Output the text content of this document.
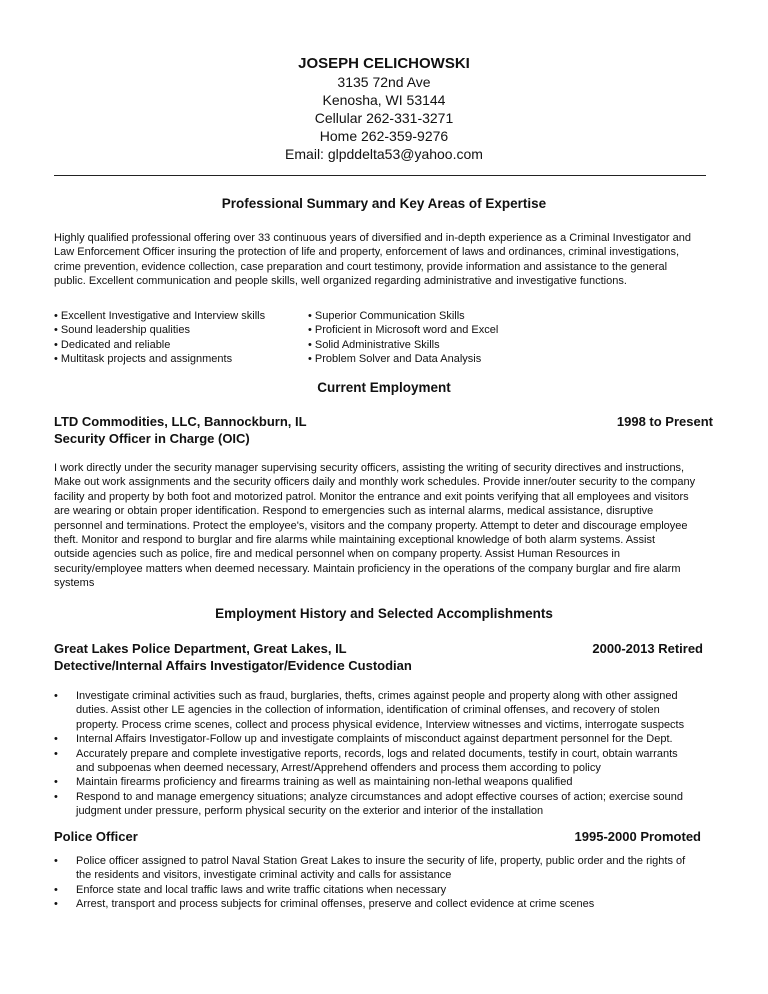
JOSEPH CELICHOWSKI
3135 72nd Ave
Kenosha, WI 53144
Cellular 262-331-3271
Home 262-359-9276
Email: glpddelta53@yahoo.com
Professional Summary and Key Areas of Expertise
Highly qualified professional offering over 33 continuous years of diversified and in-depth experience as a Criminal Investigator and
Law Enforcement Officer insuring the protection of life and property, enforcement of laws and ordinances, criminal investigations,
crime prevention, evidence collection, case preparation and court testimony, provide information and assistance to the general
public. Excellent communication and people skills, well organized regarding administrative and investigative functions.
• Excellent Investigative and Interview skills
• Sound leadership qualities
• Dedicated and reliable
• Multitask projects and assignments
• Superior Communication Skills
• Proficient in Microsoft word and Excel
• Solid Administrative Skills
• Problem Solver and Data Analysis
Current Employment
LTD Commodities, LLC, Bannockburn, IL	1998 to Present
Security Officer in Charge (OIC)
I work directly under the security manager supervising security officers, assisting the writing of security directives and instructions,
Make out work assignments and the security officers daily and monthly work schedules. Provide inner/outer security to the company
facility and property by both foot and motorized patrol. Monitor the entrance and exit points verifying that all employees and visitors
are wearing or obtain proper identification. Respond to emergencies such as internal alarms, medical assistance, disruptive
personnel and terminations. Protect the employee's, visitors and the company property. Attempt to deter and discourage employee
theft. Monitor and respond to burglar and fire alarms while maintaining exceptional knowledge of both alarm systems. Assist
outside agencies such as police, fire and medical personnel when on company property. Assist Human Resources in
security/employee matters when deemed necessary. Maintain proficiency in the operations of the company burglar and fire alarm
systems
Employment History and Selected Accomplishments
Great Lakes Police Department, Great Lakes, IL	2000-2013 Retired
Detective/Internal Affairs Investigator/Evidence Custodian
• Investigate criminal activities such as fraud, burglaries, thefts, crimes against people and property along with other assigned
duties. Assist other LE agencies in the collection of information, identification of criminal offenses, and recovery of stolen
property. Process crime scenes, collect and process physical evidence, Interview witnesses and victims, interrogate suspects
• Internal Affairs Investigator-Follow up and investigate complaints of misconduct against department personnel for the Dept.
• Accurately prepare and complete investigative reports, records, logs and related documents, testify in court, obtain warrants
and subpoenas when deemed necessary, Arrest/Apprehend offenders and process them according to policy
• Maintain firearms proficiency and firearms training as well as maintaining non-lethal weapons qualified
• Respond to and manage emergency situations; analyze circumstances and adopt effective courses of action; exercise sound
judgment under pressure, perform physical security on the exterior and interior of the installation
Police Officer	1995-2000 Promoted
• Police officer assigned to patrol Naval Station Great Lakes to insure the security of life, property, public order and the rights of
the residents and visitors, investigate criminal activity and calls for assistance
• Enforce state and local traffic laws and write traffic citations when necessary
• Arrest, transport and process subjects for criminal offenses, preserve and collect evidence at crime scenes
